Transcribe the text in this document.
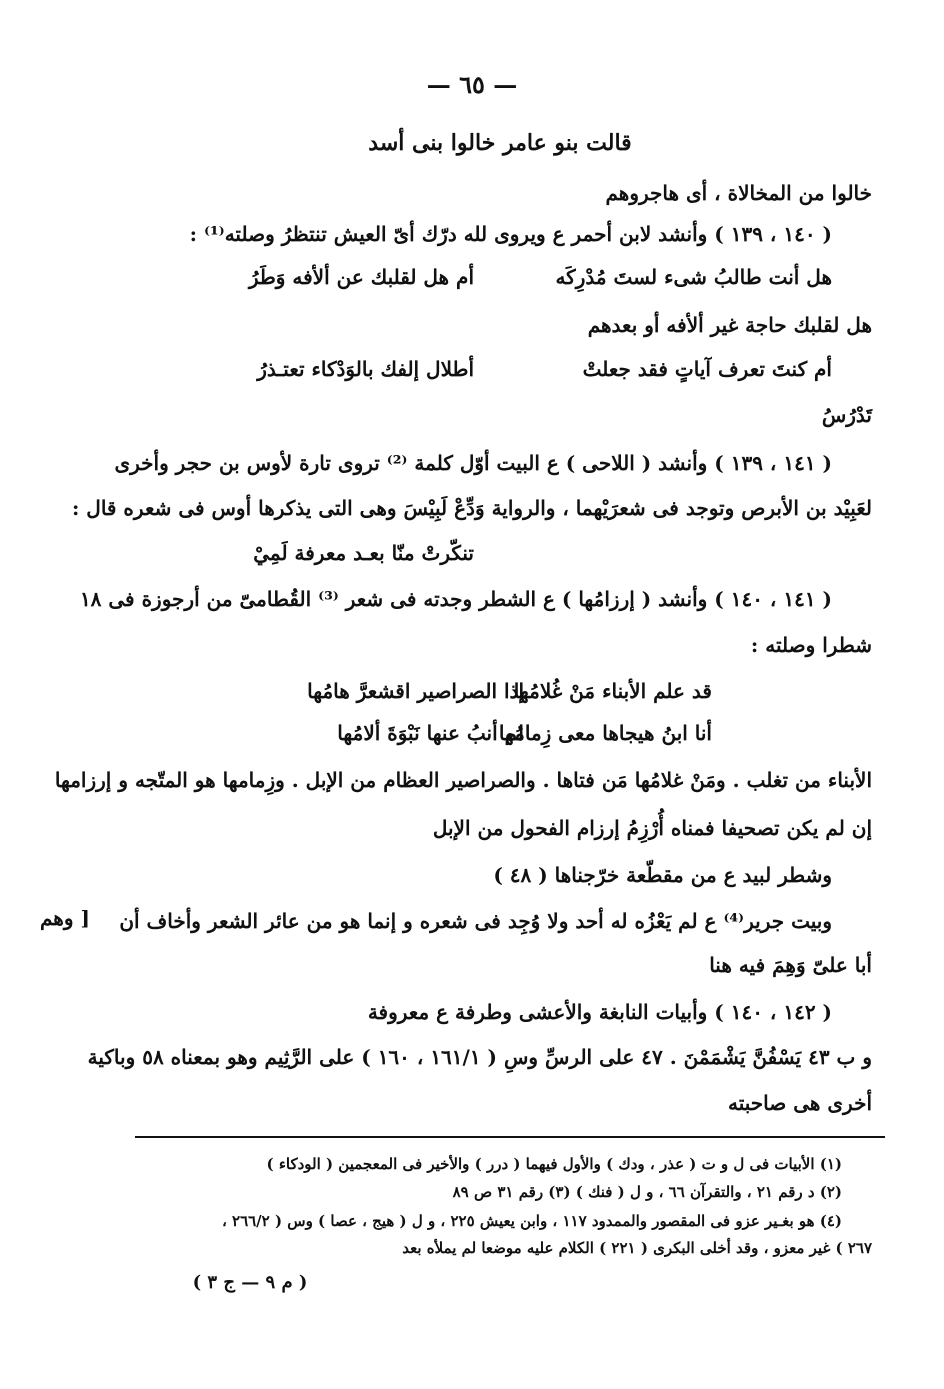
— ٦٥ —
قالت بنو عامر خالوا بنى أسد
خالوا من المخالاة ، أى هاجروهم
( ١٤٠ ، ١٣٩ ) وأنشد لابن أحمر ع ويروى لله درّك أىّ العيش تنتظرُ وصلته⁽¹⁾ :
هل أنت طالبُ شىء لستَ مُدْرِكَه
أم هل لقلبك عن ألأفه وَطَرُ
هل لقلبك حاجة غير ألأفه أو بعدهم
أم كنتَ تعرف آياتٍ فقد جعلتْ
أطلال إلفك بالوَدْكاء تعتـذرُ
تَدْرُسُ
( ١٤١ ، ١٣٩ ) وأنشد ( اللاحى ) ع البيت أوّل كلمة ⁽²⁾ تروى تارة لأوس بن حجر وأخرى
لعَبِيْد بن الأبرص وتوجد فى شعرَيْهما ، والرواية وَدِّعْ لَبِيْسَ وهى التى يذكرها أوس فى شعره قال :
تنكّرتْ منّا بعـد معرفة لَمِيْ
( ١٤١ ، ١٤٠ ) وأنشد ( إرزامُها ) ع الشطر وجدته فى شعر ⁽³⁾ القُطامىّ من أرجوزة فى ١٨
شطرا وصلته :
قد علم الأبناء مَنْ غُلامُها
إذا الصراصير اقشعرَّ هامُها
أنا ابنُ هيجاها معى زِمامُها
لم أنبُ عنها نَبْوَةَ ألامُها
الأبناء من تغلب . ومَنْ غلامُها مَن فتاها . والصراصير العظام من الإبل . وزِمامها هو المتّجه و إرزامها
إن لم يكن تصحيفا فمناه أُرْزِمُ إرزام الفحول من الإبل
وشطر لبيد ع من مقطّعة خرّجناها ( ٤٨ )
وبيت جرير⁽⁴⁾ ع لم يَعْزُه له أحد ولا وُجِد فى شعره و إنما هو من عائر الشعر وأخاف أن
[ وهم
أبا علىّ وَهِمَ فيه هنا
( ١٤٢ ، ١٤٠ ) وأبيات النابغة والأعشى وطرفة ع معروفة
و ب ٤٣ يَسْفُنَّ يَشْمَمْنَ . ٤٧ على الرسِّ وسِ ( ١٦١/١ ، ١٦٠ ) على الرَّثِيم وهو بمعناه ٥٨ وباكية
أخرى هى صاحبته
(١) الأبيات فى ل و ت ( عذر ، ودك ) والأول فيهما ( درر ) والأخير فى المعجمين ( الودكاء )
(٢) د رقم ٢١ ، والتقرآن ٦٦ ، و ل ( فنك ) (٣) رقم ٣١ ص ٨٩
(٤) هو بغـير عزو فى المقصور والممدود ١١٧ ، وابن يعيش ٢٢٥ ، و ل ( هيج ، عصا ) وس ( ٢٦٦/٢ ،
٢٦٧ ) غير معزو ، وقد أخلى البكرى ( ٢٢١ ) الكلام عليه موضعا لم يملأه بعد
( م ٩ — ج ٣ )
